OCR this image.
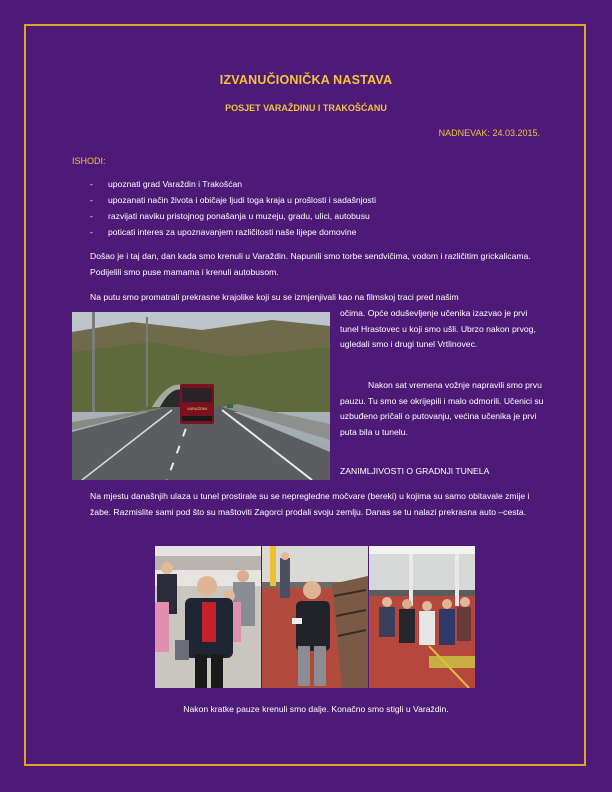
IZVANUČIONIČKA NASTAVA
POSJET VARAŽDINU I TRAKOŠĆANU
NADNEVAK: 24.03.2015.
ISHODI:
-	upoznati grad Varaždin i Trakošćan
-	upozanati način života i običaje ljudi toga kraja u prošlosti i sadašnjosti
-	razvijati naviku pristojnog ponašanja u muzeju, gradu, ulici, autobusu
-	poticati interes za upoznavanjem različitosti naše lijepe domovine

Došao je i taj dan, dan kada smo krenuli u Varaždin. Napunili smo torbe sendvičima, vodom i različitim grickalicama. Podijelili smo puse mamama i krenuli autobusom.

Na putu smo promatrali prekrasne krajolike koji su se izmjenjivali kao na filmskoj traci pred našim

VARAŽDIN

očima. Opće oduševljenje učenika izazvao je prvi tunel Hrastovec u koji smo ušli. Ubrzo nakon prvog, ugledali smo i drugi tunel Vrtlinovec.

Nakon sat vremena vožnje napravili smo prvu pauzu. Tu smo se okrijepili i malo odmorili. Učenici su uzbuđeno pričali o putovanju, većina učenika je prvi puta bila u tunelu.

ZANIMLJIVOSTI O GRADNJI TUNELA

Na mjestu današnjih ulaza u tunel prostirale su se nepregledne močvare (bereki) u kojima su samo obitavale zmije i žabe. Razmislite sami pod što su maštoviti Zagorci prodali svoju zemlju. Danas se tu nalazi prekrasna auto –cesta.

Nakon kratke pauze krenuli smo dalje. Konačno smo stigli u Varaždin.
